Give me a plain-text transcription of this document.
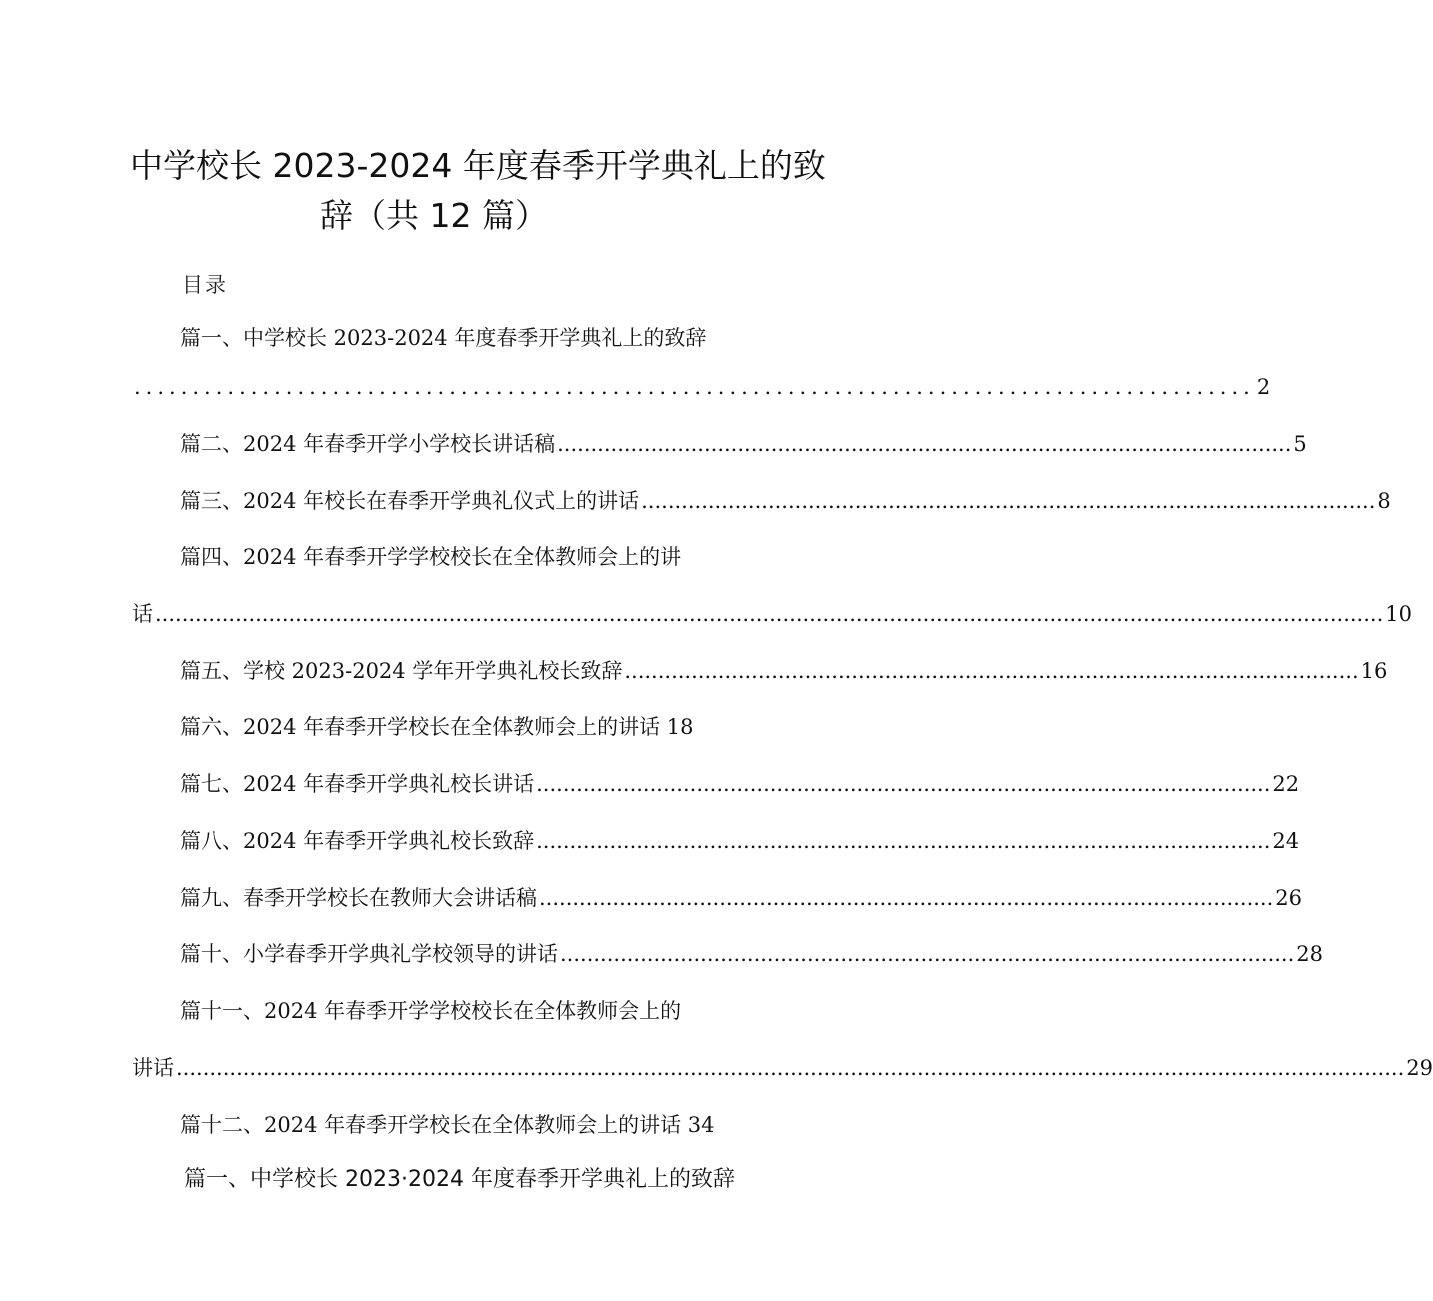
中学校长 2023-2024 年度春季开学典礼上的致
辞（共 12 篇）
目录
篇一、中学校长 2023-2024 年度春季开学典礼上的致辞
................................................................................................ 2
篇二、2024 年春季开学小学校长讲话稿 .............................................................................................................. 5
篇三、2024 年校长在春季开学典礼仪式上的讲话 .............................................................................................................. 8
篇四、2024 年春季开学学校校长在全体教师会上的讲
话 ........................................................................................................................................................................................ 10
篇五、学校 2023-2024 学年开学典礼校长致辞 .............................................................................................................. 16
篇六、2024 年春季开学校长在全体教师会上的讲话 18
篇七、2024 年春季开学典礼校长讲话 .............................................................................................................. 22
篇八、2024 年春季开学典礼校长致辞 .............................................................................................................. 24
篇九、春季开学校长在教师大会讲话稿 .............................................................................................................. 26
篇十、小学春季开学典礼学校领导的讲话 .............................................................................................................. 28
篇十一、2024 年春季开学学校校长在全体教师会上的
讲话 ........................................................................................................................................................................................ 29
篇十二、2024 年春季开学校长在全体教师会上的讲话 34
篇一、中学校长 2023·2024 年度春季开学典礼上的致辞
